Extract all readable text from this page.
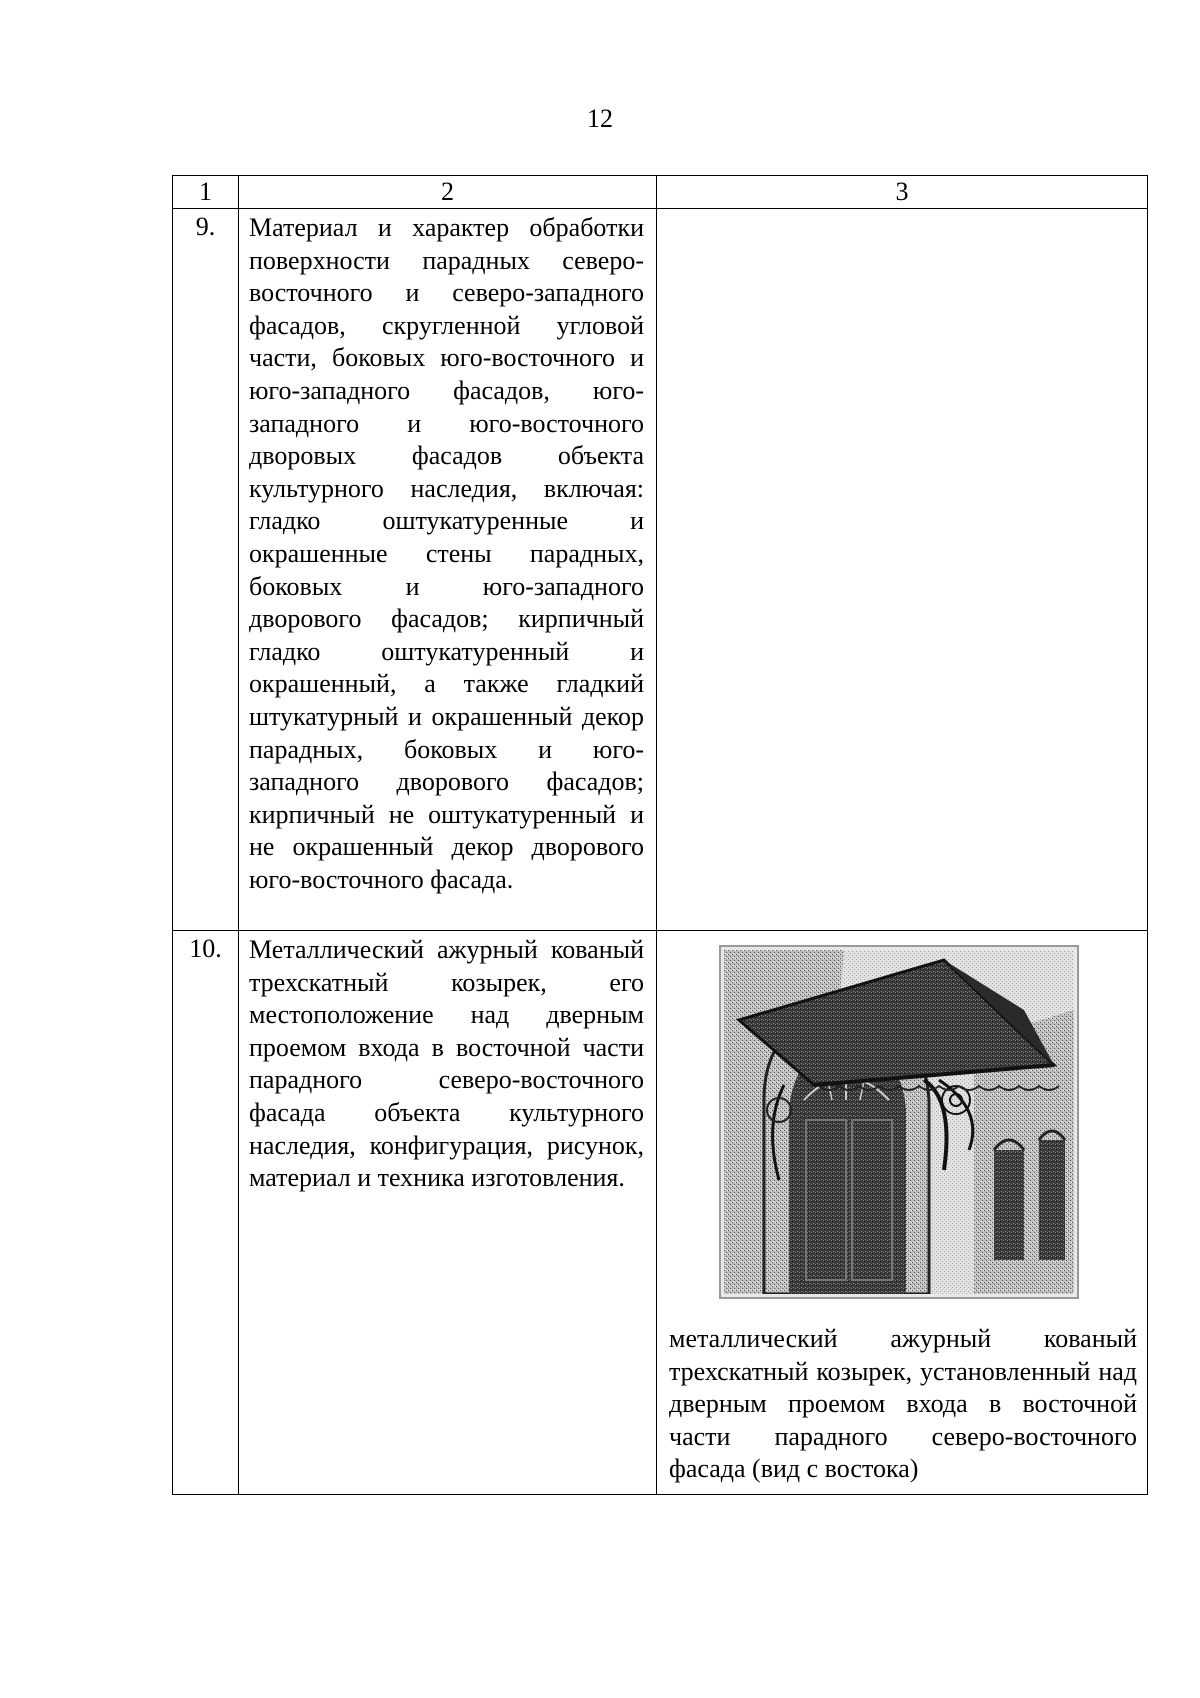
12
1	2	3
9.	Материал и характер обработки поверхности парадных северо-восточного и северо-западного фасадов, скругленной угловой части, боковых юго-восточного и юго-западного фасадов, юго-западного и юго-восточного дворовых фасадов объекта культурного наследия, включая: гладко оштукатуренные и окрашенные стены парадных, боковых и юго-западного дворового фасадов; кирпичный гладко оштукатуренный и окрашенный, а также гладкий штукатурный и окрашенный декор парадных, боковых и юго-западного дворового фасадов; кирпичный не оштукатуренный и не окрашенный декор дворового юго-восточного фасада.	

10.	Металлический ажурный кованый трехскатный козырек, его местоположение над дверным проемом входа в восточной части парадного северо-восточного фасада объекта культурного наследия, конфигурация, рисунок, материал и техника изготовления.	металлический ажурный кованый трехскатный козырек, установленный над дверным проемом входа в восточной части парадного северо-восточного фасада (вид с востока)
